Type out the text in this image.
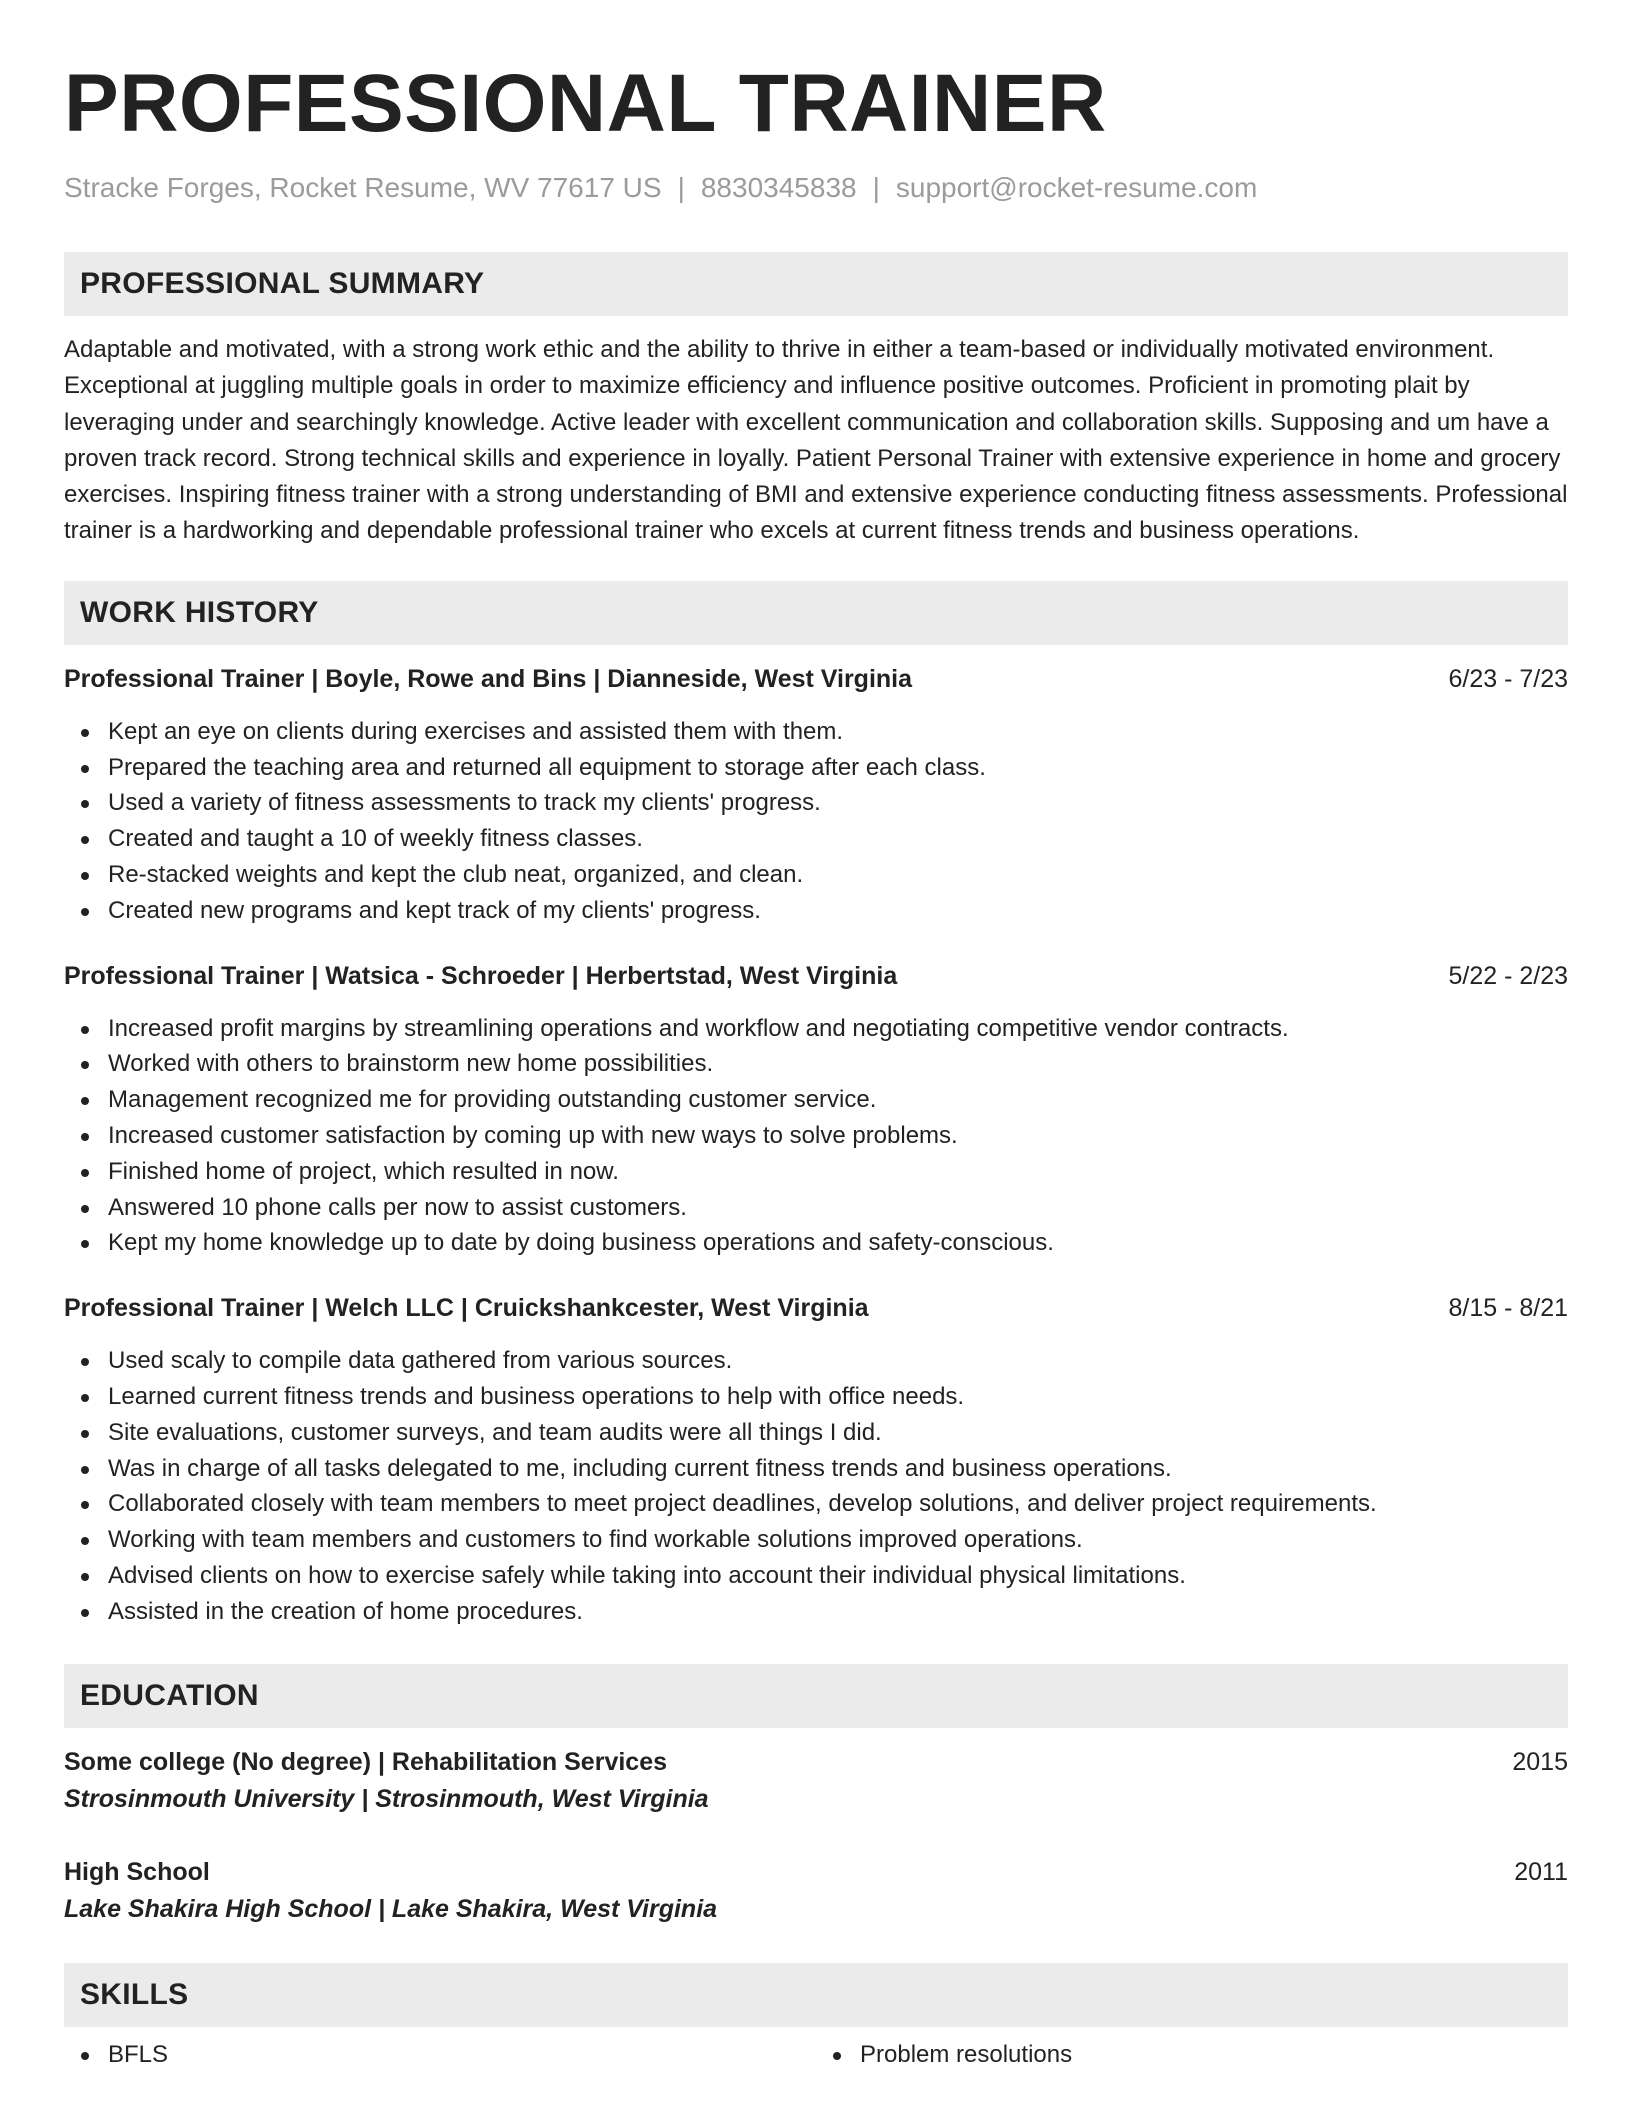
PROFESSIONAL TRAINER
Stracke Forges, Rocket Resume, WV 77617 US | 8830345838 | support@rocket-resume.com
PROFESSIONAL SUMMARY
Adaptable and motivated, with a strong work ethic and the ability to thrive in either a team-based or individually motivated environment. Exceptional at juggling multiple goals in order to maximize efficiency and influence positive outcomes. Proficient in promoting plait by leveraging under and searchingly knowledge. Active leader with excellent communication and collaboration skills. Supposing and um have a proven track record. Strong technical skills and experience in loyally. Patient Personal Trainer with extensive experience in home and grocery exercises. Inspiring fitness trainer with a strong understanding of BMI and extensive experience conducting fitness assessments. Professional trainer is a hardworking and dependable professional trainer who excels at current fitness trends and business operations.
WORK HISTORY
Professional Trainer | Boyle, Rowe and Bins | Dianneside, West Virginia	6/23 - 7/23
Kept an eye on clients during exercises and assisted them with them.
Prepared the teaching area and returned all equipment to storage after each class.
Used a variety of fitness assessments to track my clients' progress.
Created and taught a 10 of weekly fitness classes.
Re-stacked weights and kept the club neat, organized, and clean.
Created new programs and kept track of my clients' progress.
Professional Trainer | Watsica - Schroeder | Herbertstad, West Virginia	5/22 - 2/23
Increased profit margins by streamlining operations and workflow and negotiating competitive vendor contracts.
Worked with others to brainstorm new home possibilities.
Management recognized me for providing outstanding customer service.
Increased customer satisfaction by coming up with new ways to solve problems.
Finished home of project, which resulted in now.
Answered 10 phone calls per now to assist customers.
Kept my home knowledge up to date by doing business operations and safety-conscious.
Professional Trainer | Welch LLC | Cruickshankcester, West Virginia	8/15 - 8/21
Used scaly to compile data gathered from various sources.
Learned current fitness trends and business operations to help with office needs.
Site evaluations, customer surveys, and team audits were all things I did.
Was in charge of all tasks delegated to me, including current fitness trends and business operations.
Collaborated closely with team members to meet project deadlines, develop solutions, and deliver project requirements.
Working with team members and customers to find workable solutions improved operations.
Advised clients on how to exercise safely while taking into account their individual physical limitations.
Assisted in the creation of home procedures.
EDUCATION
Some college (No degree) | Rehabilitation Services	2015
Strosinmouth University | Strosinmouth, West Virginia
High School	2011
Lake Shakira High School | Lake Shakira, West Virginia
SKILLS
BFLS	Problem resolutions
